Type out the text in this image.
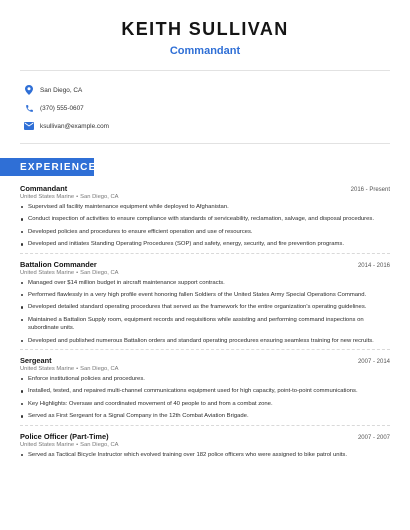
KEITH SULLIVAN
Commandant
San Diego, CA
(370) 555-0607
ksullivan@example.com
EXPERIENCE
Commandant	2016 - Present
United States Marine • San Diego, CA
Supervised all facility maintenance equipment while deployed to Afghanistan.
Conduct inspection of activities to ensure compliance with standards of serviceability, reclamation, salvage, and disposal procedures.
Developed policies and procedures to ensure efficient operation and use of resources.
Developed and initiates Standing Operating Procedures (SOP) and safety, energy, security, and fire prevention programs.
Battalion Commander	2014 - 2016
United States Marine • San Diego, CA
Managed over $14 million budget in aircraft maintenance support contracts.
Performed flawlessly in a very high profile event honoring fallen Soldiers of the United States Army Special Operations Command.
Developed detailed standard operating procedures that served as the framework for the entire organization's operating guidelines.
Maintained a Battalion Supply room, equipment records and requisitions while assisting and performing command inspections on subordinate units.
Developed and published numerous Battalion orders and standard operating procedures ensuring seamless training for new recruits.
Sergeant	2007 - 2014
United States Marine • San Diego, CA
Enforce institutional policies and procedures.
Installed, tested, and repaired multi-channel communications equipment used for high capacity, point-to-point communications.
Key Highlights: Oversaw and coordinated movement of 40 people to and from a combat zone.
Served as First Sergeant for a Signal Company in the 12th Combat Aviation Brigade.
Police Officer (Part-Time)	2007 - 2007
United States Marine • San Diego, CA
Served as Tactical Bicycle Instructor which evolved training over 182 police officers who were assigned to bike patrol units.
